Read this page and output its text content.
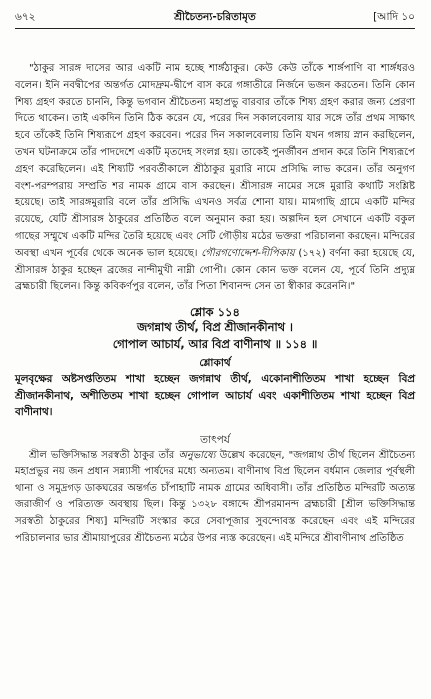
৬৭২	শ্রীচৈতন্য-চরিতামৃত	[আদি ১০

"ঠাকুর সারঙ্গ দাসের আর একটি নাম হচ্ছে শার্ঙ্গঠাকুর। কেউ কেউ তাঁকে শার্ঙ্গপাণি বা শার্ঙ্গধরও বলেন। ইনি নবদ্বীপের অন্তর্গত মোদদ্রুম-দ্বীপে বাস করে গঙ্গাতীরে নির্জনে ভজন করতেন। তিনি কোন শিষ্য গ্রহণ করতে চাননি, কিন্তু ভগবান শ্রীচৈতন্য মহাপ্রভু বারবার তাঁকে শিষ্য গ্রহণ করার জন্য প্রেরণা দিতে থাকেন। তাই একদিন তিনি ঠিক করেন যে, পরের দিন সকালবেলায় যার সঙ্গে তাঁর প্রথম সাক্ষাৎ হবে তাঁকেই তিনি শিষ্যরূপে গ্রহণ করবেন। পরের দিন সকালবেলায় তিনি যখন গঙ্গায় স্নান করছিলেন, তখন ঘটনাক্রমে তাঁর পাদদেশে একটি মৃতদেহ সংলগ্ন হয়। তাকেই পুনর্জীবন প্রদান করে তিনি শিষ্যরূপে গ্রহণ করেছিলেন। এই শিষ্যটি পরবর্তীকালে শ্রীঠাকুর মুরারি নামে প্রসিদ্ধি লাভ করেন। তাঁর অনুগণ বংশ-পরম্পরায় সম্প্রতি শর নামক গ্রামে বাস করছেন। শ্রীসারঙ্গ নামের সঙ্গে মুরারি কথাটি সংশ্লিষ্ট হয়েছে। তাই সারঙ্গমুরারি বলে তাঁর প্রসিদ্ধি এখনও সর্বত্র শোনা যায়। মামগাছি গ্রামে একটি মন্দির রয়েছে, যেটি শ্রীসারঙ্গ ঠাকুরের প্রতিষ্ঠিত বলে অনুমান করা হয়। অল্পদিন হল সেখানে একটি বকুল গাছের সম্মুখে একটি মন্দির তৈরি হয়েছে এবং সেটি গৌড়ীয় মঠের ভক্তরা পরিচালনা করছেন। মন্দিরের অবস্থা এখন পূর্বের থেকে অনেক ভাল হয়েছে। গৌরগণোদ্দেশ-দীপিকায় (১৭২) বর্ণনা করা হয়েছে যে, শ্রীসারঙ্গ ঠাকুর হচ্ছেন ব্রজের নান্দীমুখী নাম্নী গোপী। কোন কোন ভক্ত বলেন যে, পূর্বে তিনি প্রদ্যুম্ন ব্রহ্মচারী ছিলেন। কিন্তু কবিকর্ণপুর বলেন, তাঁর পিতা শিবানন্দ সেন তা স্বীকার করেননি।"

শ্লোক ১১৪
জগন্নাথ তীর্থ, বিপ্র শ্রীজানকীনাথ ।
গোপাল আচার্য, আর বিপ্র বাণীনাথ ॥ ১১৪ ॥
শ্লোকার্থ

মূলবৃক্ষের অষ্টসপ্ততিতম শাখা হচ্ছেন জগন্নাথ তীর্থ, একোনাশীতিতম শাখা হচ্ছেন বিপ্র শ্রীজানকীনাথ, অশীতিতম শাখা হচ্ছেন গোপাল আচার্য এবং একাশীতিতম শাখা হচ্ছেন বিপ্র বাণীনাথ।

তাৎপর্য

শ্রীল ভক্তিসিদ্ধান্ত সরস্বতী ঠাকুর তাঁর অনুভাষ্যে উল্লেখ করেছেন, "জগন্নাথ তীর্থ ছিলেন শ্রীচৈতন্য মহাপ্রভুর নয় জন প্রধান সন্ন্যাসী পার্ষদের মধ্যে অন্যতম। বাণীনাথ বিপ্র ছিলেন বর্ধমান জেলার পূর্বস্থলী থানা ও সমুদ্রগড় ডাকঘরের অন্তর্গত চাঁপাহাটি নামক গ্রামের অধিবাসী। তাঁর প্রতিষ্ঠিত মন্দিরটি অত্যন্ত জরাজীর্ণ ও পরিত্যক্ত অবস্থায় ছিল। কিন্তু ১৩২৮ বঙ্গাব্দে শ্রীপরমানন্দ ব্রহ্মচারী [শ্রীল ভক্তিসিদ্ধান্ত সরস্বতী ঠাকুরের শিষ্য] মন্দিরটি সংস্কার করে সেবাপূজার সুবন্দোবস্ত করেছেন এবং এই মন্দিরের পরিচালনার ভার শ্রীমায়াপুরের শ্রীচৈতন্য মঠের উপর ন্যস্ত করেছেন। এই মন্দিরে শ্রীবাণীনাথ প্রতিষ্ঠিত
